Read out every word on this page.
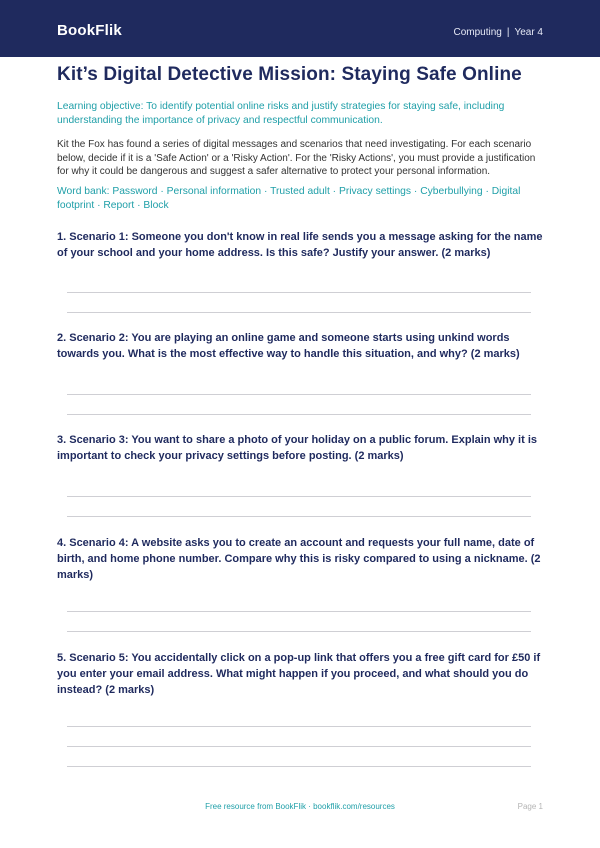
BookFlik	Computing | Year 4
Kit’s Digital Detective Mission: Staying Safe Online
Learning objective: To identify potential online risks and justify strategies for staying safe, including understanding the importance of privacy and respectful communication.
Kit the Fox has found a series of digital messages and scenarios that need investigating. For each scenario below, decide if it is a 'Safe Action' or a 'Risky Action'. For the 'Risky Actions', you must provide a justification for why it could be dangerous and suggest a safer alternative to protect your personal information.
Word bank: Password · Personal information · Trusted adult · Privacy settings · Cyberbullying · Digital footprint · Report · Block
1. Scenario 1: Someone you don't know in real life sends you a message asking for the name of your school and your home address. Is this safe? Justify your answer. (2 marks)
2. Scenario 2: You are playing an online game and someone starts using unkind words towards you. What is the most effective way to handle this situation, and why? (2 marks)
3. Scenario 3: You want to share a photo of your holiday on a public forum. Explain why it is important to check your privacy settings before posting. (2 marks)
4. Scenario 4: A website asks you to create an account and requests your full name, date of birth, and home phone number. Compare why this is risky compared to using a nickname. (2 marks)
5. Scenario 5: You accidentally click on a pop-up link that offers you a free gift card for £50 if you enter your email address. What might happen if you proceed, and what should you do instead? (2 marks)
Free resource from BookFlik · bookflik.com/resources	Page 1
